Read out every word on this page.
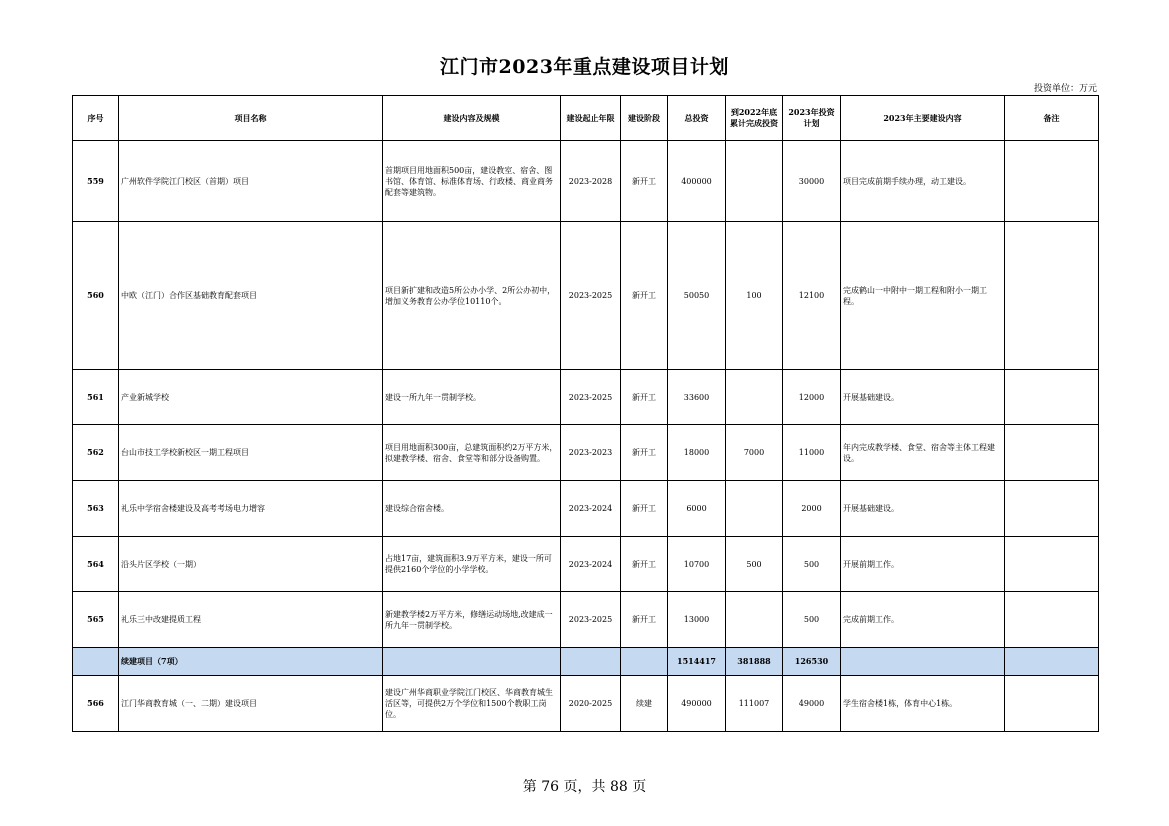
江门市2023年重点建设项目计划
投资单位：万元
序号	项目名称	建设内容及规模	建设起止年限	建设阶段	总投资	到2022年底累计完成投资	2023年投资计划	2023年主要建设内容	备注
559	广州软件学院江门校区（首期）项目	首期项目用地面积500亩，建设教室、宿舍、图书馆、体育馆、标准体育场、行政楼、商业商务配套等建筑物。	2023-2028	新开工	400000		30000	项目完成前期手续办理，动工建设。	
560	中欧（江门）合作区基础教育配套项目	项目新扩建和改造5所公办小学、2所公办初中，增加义务教育公办学位10110个。	2023-2025	新开工	50050	100	12100	完成鹤山一中附中一期工程和附小一期工程。	
561	产业新城学校	建设一所九年一贯制学校。	2023-2025	新开工	33600		12000	开展基础建设。	
562	台山市技工学校新校区一期工程项目	项目用地面积300亩，总建筑面积约2万平方米，拟建教学楼、宿舍、食堂等和部分设备购置。	2023-2023	新开工	18000	7000	11000	年内完成教学楼、食堂、宿舍等主体工程建设。	
563	礼乐中学宿舍楼建设及高考考场电力增容	建设综合宿舍楼。	2023-2024	新开工	6000		2000	开展基础建设。	
564	沿头片区学校（一期）	占地17亩，建筑面积3.9万平方米，建设一所可提供2160个学位的小学学校。	2023-2024	新开工	10700	500	500	开展前期工作。	
565	礼乐三中改建提质工程	新建教学楼2万平方米，修缮运动场地,改建成一所九年一贯制学校。	2023-2025	新开工	13000		500	完成前期工作。	
	续建项目（7项）				1514417	381888	126530		
566	江门华商教育城（一、二期）建设项目	建设广州华商职业学院江门校区、华商教育城生活区等，可提供2万个学位和1500个教职工岗位。	2020-2025	续建	490000	111007	49000	学生宿舍楼1栋，体育中心1栋。	
第 76 页，共 88 页
